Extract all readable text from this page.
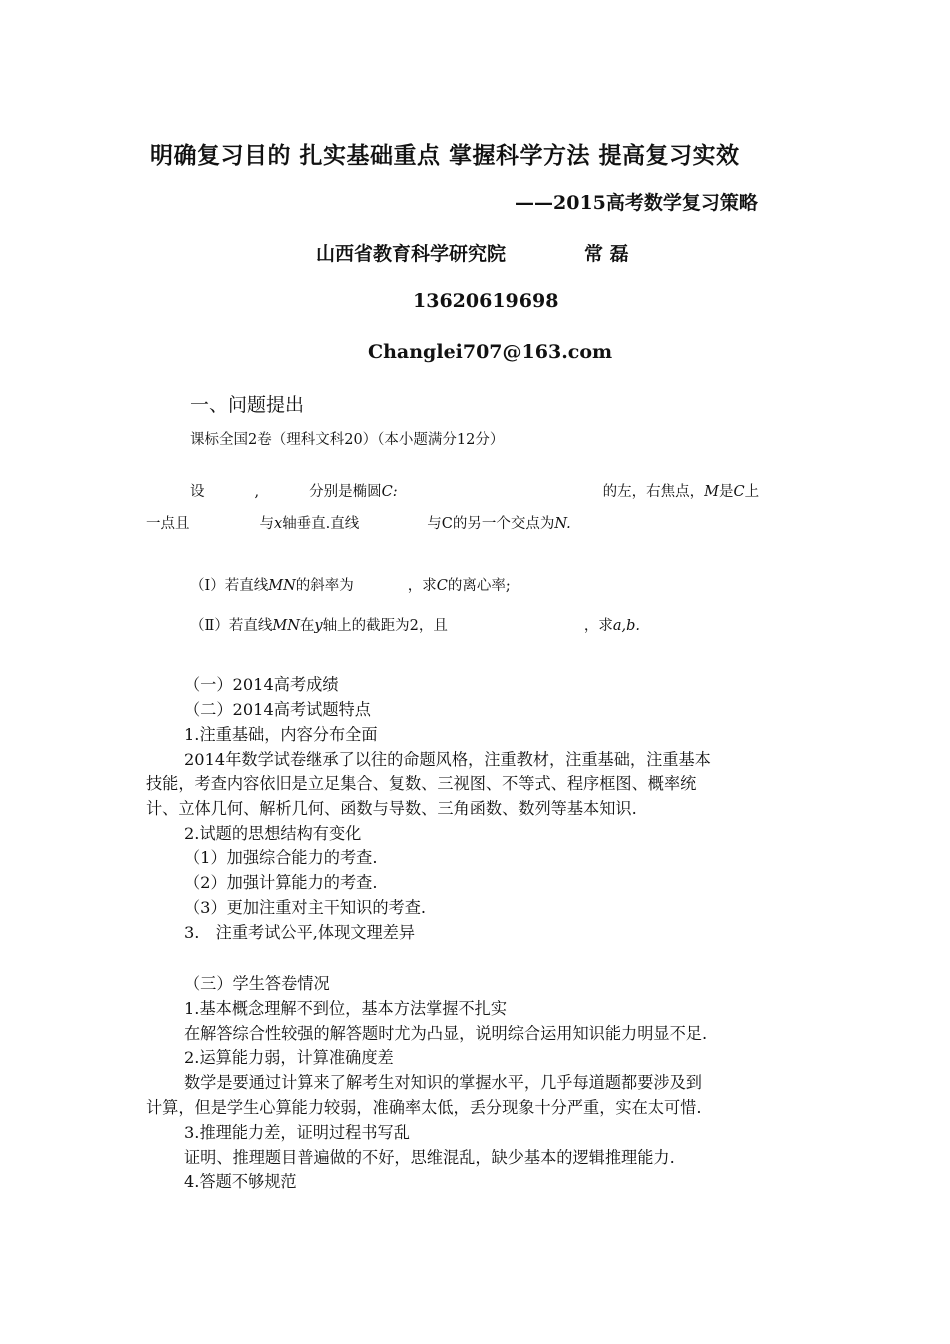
明确复习目的 扎实基础重点 掌握科学方法 提高复习实效
——2015高考数学复习策略
山西省教育科学研究院	常 磊
13620619698
Changlei707@163.com
一、问题提出
课标全国2卷（理科文科20）（本小题满分12分）
设	,	分别是椭圆C:	的左，右焦点，M是C上
一点且	与x轴垂直.直线	与C的另一个交点为N.
（Ⅰ）若直线MN的斜率为	，求C的离心率;
（Ⅱ）若直线MN在y轴上的截距为2，且	，求a,b.
（一）2014高考成绩
（二）2014高考试题特点
1.注重基础，内容分布全面
2014年数学试卷继承了以往的命题风格，注重教材，注重基础，注重基本
技能，考查内容依旧是立足集合、复数、三视图、不等式、程序框图、概率统
计、立体几何、解析几何、函数与导数、三角函数、数列等基本知识.
2.试题的思想结构有变化
（1）加强综合能力的考查.
（2）加强计算能力的考查.
（3）更加注重对主干知识的考查.
3.　注重考试公平,体现文理差异
（三）学生答卷情况
1.基本概念理解不到位，基本方法掌握不扎实
在解答综合性较强的解答题时尤为凸显，说明综合运用知识能力明显不足.
2.运算能力弱，计算准确度差
数学是要通过计算来了解考生对知识的掌握水平，几乎每道题都要涉及到
计算，但是学生心算能力较弱，准确率太低，丢分现象十分严重，实在太可惜.
3.推理能力差，证明过程书写乱
证明、推理题目普遍做的不好，思维混乱，缺少基本的逻辑推理能力.
4.答题不够规范
